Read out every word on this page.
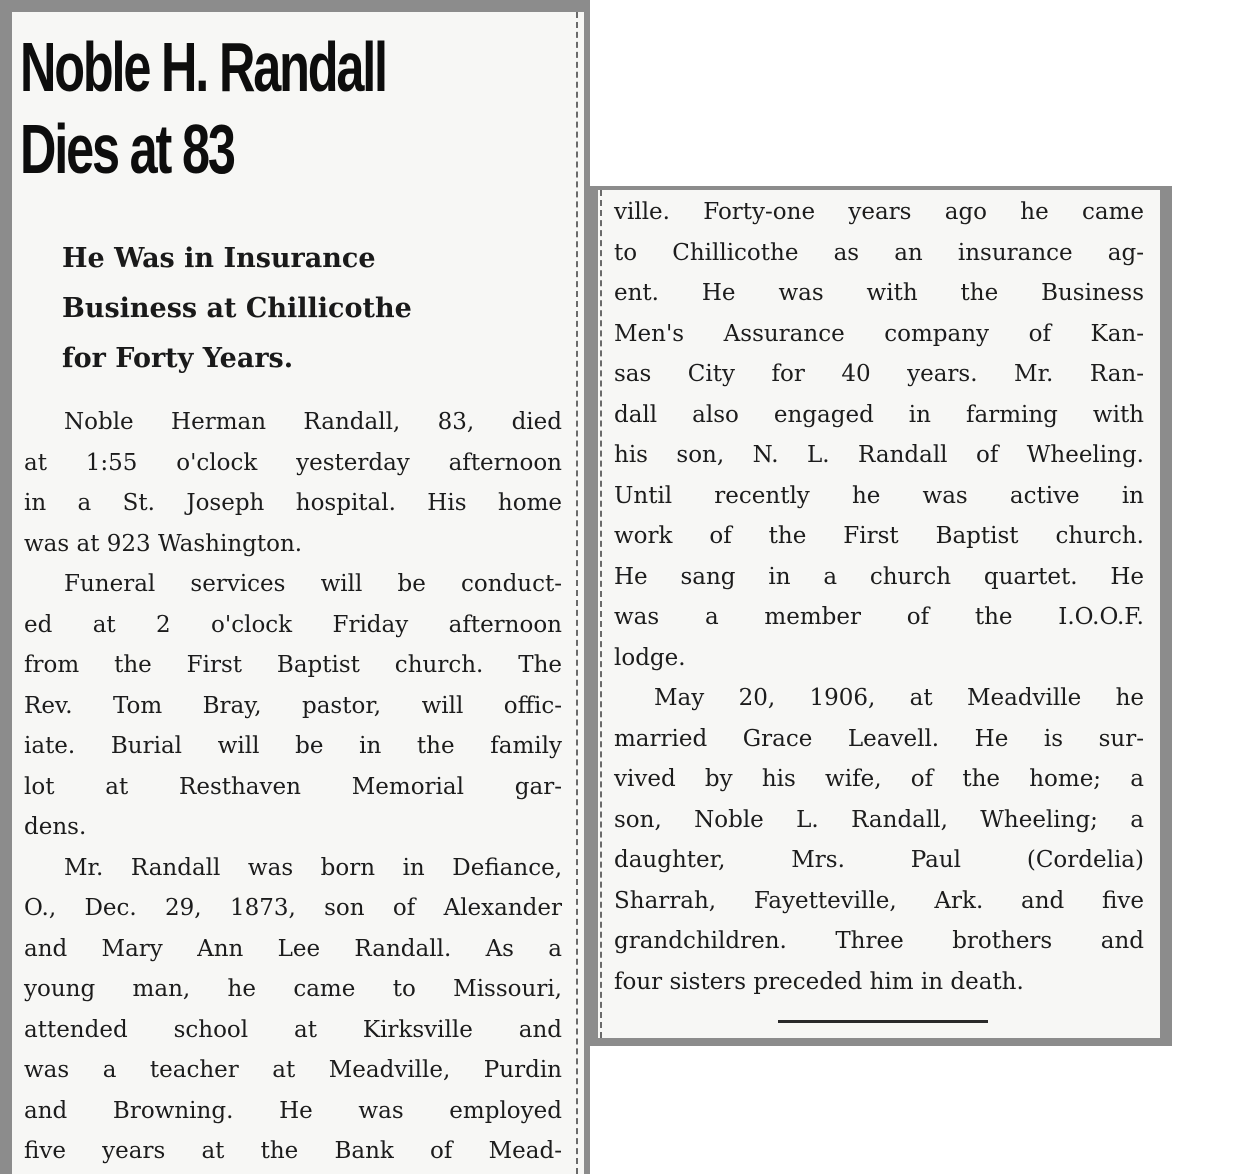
Noble H. Randall
Dies at 83
He Was in Insurance
Business at Chillicothe
for Forty Years.
Noble Herman Randall, 83, died
at 1:55 o'clock yesterday afternoon
in a St. Joseph hospital. His home
was at 923 Washington.
Funeral services will be conduct-
ed at 2 o'clock Friday afternoon
from the First Baptist church. The
Rev. Tom Bray, pastor, will offic-
iate. Burial will be in the family
lot at Resthaven Memorial gar-
dens.
Mr. Randall was born in Defiance,
O., Dec. 29, 1873, son of Alexander
and Mary Ann Lee Randall. As a
young man, he came to Missouri,
attended school at Kirksville and
was a teacher at Meadville, Purdin
and Browning. He was employed
five years at the Bank of Mead-
ville. Forty-one years ago he came
to Chillicothe as an insurance ag-
ent. He was with the Business
Men's Assurance company of Kan-
sas City for 40 years. Mr. Ran-
dall also engaged in farming with
his son, N. L. Randall of Wheeling.
Until recently he was active in
work of the First Baptist church.
He sang in a church quartet. He
was a member of the I.O.O.F.
lodge.
May 20, 1906, at Meadville he
married Grace Leavell. He is sur-
vived by his wife, of the home; a
son, Noble L. Randall, Wheeling; a
daughter, Mrs. Paul (Cordelia)
Sharrah, Fayetteville, Ark. and five
grandchildren. Three brothers and
four sisters preceded him in death.
